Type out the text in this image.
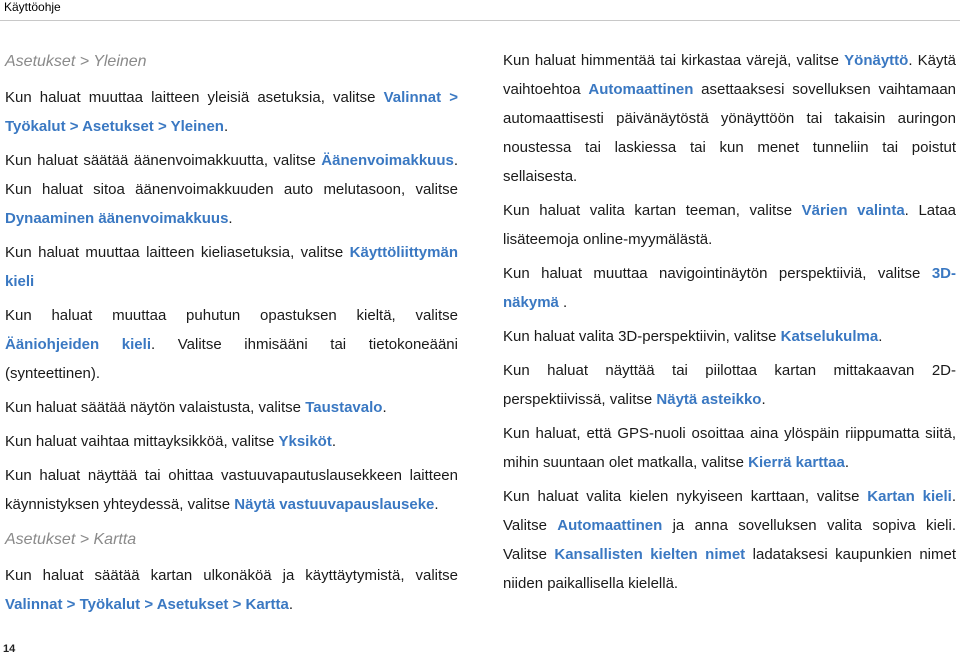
Käyttöohje
Asetukset > Yleinen

Kun haluat muuttaa laitteen yleisiä asetuksia, valitse Valinnat > Työkalut > Asetukset > Yleinen.

Kun haluat säätää äänenvoimakkuutta, valitse Äänenvoimakkuus. Kun haluat sitoa äänenvoimakkuuden auto melutasoon, valitse Dynaaminen äänenvoimakkuus.

Kun haluat muuttaa laitteen kieliasetuksia, valitse Käyttöliittymän kieli

Kun haluat muuttaa puhutun opastuksen kieltä, valitse Ääniohjeiden kieli. Valitse ihmisääni tai tietokoneääni (synteettinen).

Kun haluat säätää näytön valaistusta, valitse Taustavalo.

Kun haluat vaihtaa mittayksikköä, valitse Yksiköt.

Kun haluat näyttää tai ohittaa vastuuvapautuslausekkeen laitteen käynnistyksen yhteydessä, valitse Näytä vastuuvapauslauseke.

Asetukset > Kartta

Kun haluat säätää kartan ulkonäköä ja käyttäytymistä, valitse Valinnat > Työkalut > Asetukset > Kartta.

Kun haluat himmentää tai kirkastaa värejä, valitse Yönäyttö. Käytä vaihtoehtoa Automaattinen asettaaksesi sovelluksen vaihtamaan automaattisesti päivänäytöstä yönäyttöön tai takaisin auringon noustessa tai laskiessa tai kun menet tunneliin tai poistut sellaisesta.

Kun haluat valita kartan teeman, valitse Värien valinta. Lataa lisäteemoja online-myymälästä.

Kun haluat muuttaa navigointinäytön perspektiiviä, valitse 3D-näkymä .

Kun haluat valita 3D-perspektiivin, valitse Katselukulma.

Kun haluat näyttää tai piilottaa kartan mittakaavan 2D-perspektiivissä, valitse Näytä asteikko.

Kun haluat, että GPS-nuoli osoittaa aina ylöspäin riippumatta siitä, mihin suuntaan olet matkalla, valitse Kierrä karttaa.

Kun haluat valita kielen nykyiseen karttaan, valitse Kartan kieli. Valitse Automaattinen ja anna sovelluksen valita sopiva kieli. Valitse Kansallisten kielten nimet ladataksesi kaupunkien nimet niiden paikallisella kielellä.

14
